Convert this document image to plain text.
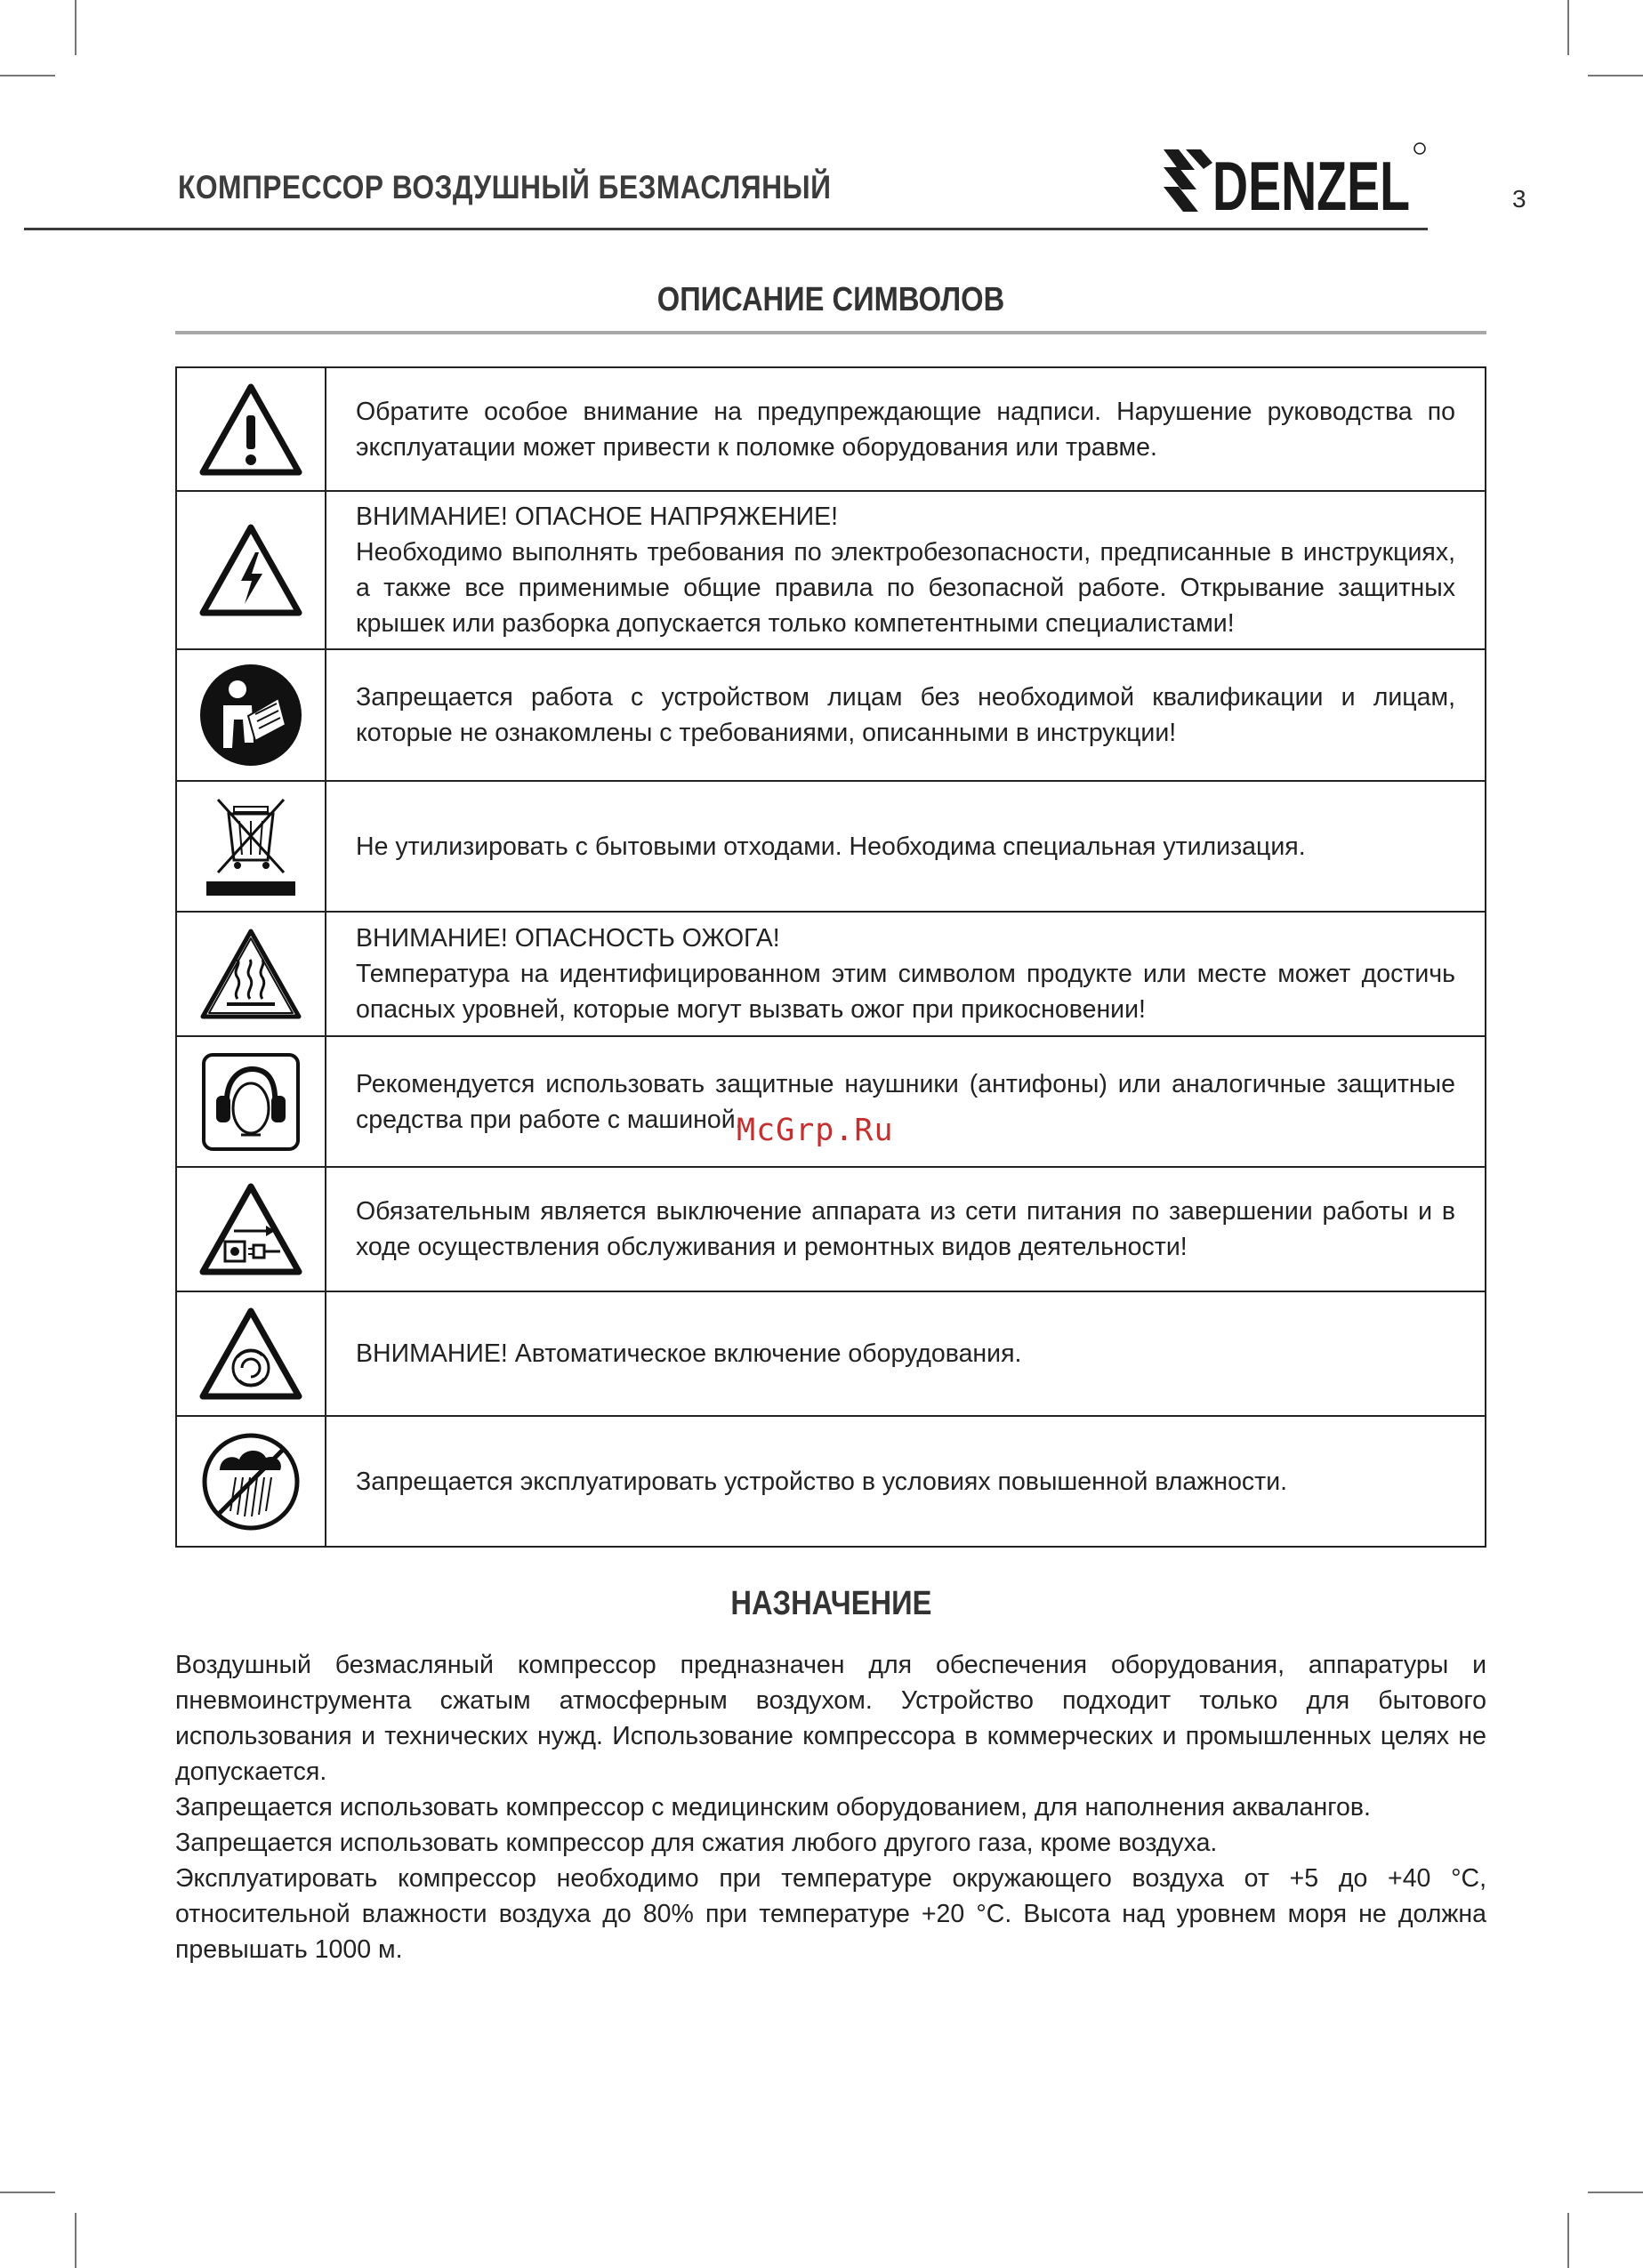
КОМПРЕССОР ВОЗДУШНЫЙ БЕЗМАСЛЯНЫЙ	DENZEL	3
ОПИСАНИЕ СИМВОЛОВ

Обратите особое внимание на предупреждающие надписи. Нарушение руководства по эксплуатации может привести к поломке оборудования или травме.

ВНИМАНИЕ! ОПАСНОЕ НАПРЯЖЕНИЕ!
Необходимо выполнять требования по электробезопасности, предписанные в инструкциях, а также все применимые общие правила по безопасной работе. Открывание защитных крышек или разборка допускается только компетентными специалистами!

Запрещается работа с устройством лицам без необходимой квалификации и лицам, которые не ознакомлены с требованиями, описанными в инструкции!

Не утилизировать с бытовыми отходами. Необходима специальная утилизация.

ВНИМАНИЕ! ОПАСНОСТЬ ОЖОГА!
Температура на идентифицированном этим символом продукте или месте может достичь опасных уровней, которые могут вызвать ожог при прикосновении!

Рекомендуется использовать защитные наушники (антифоны) или аналогичные защитные средства при работе с машиной.

Обязательным является выключение аппарата из сети питания по завершении работы и в ходе осуществления обслуживания и ремонтных видов деятельности!

ВНИМАНИЕ! Автоматическое включение оборудования.

Запрещается эксплуатировать устройство в условиях повышенной влажности.
McGrp.Ru
НАЗНАЧЕНИЕ

Воздушный безмасляный компрессор предназначен для обеспечения оборудования, аппаратуры и пневмоинструмента сжатым атмосферным воздухом. Устройство подходит только для бытового использования и технических нужд. Использование компрессора в коммерческих и промышленных целях не допускается.

Запрещается использовать компрессор с медицинским оборудованием, для наполнения аквалангов.

Запрещается использовать компрессор для сжатия любого другого газа, кроме воздуха.

Эксплуатировать компрессор необходимо при температуре окружающего воздуха от +5 до +40 °С, относительной влажности воздуха до 80% при температуре +20 °С. Высота над уровнем моря не должна превышать 1000 м.
